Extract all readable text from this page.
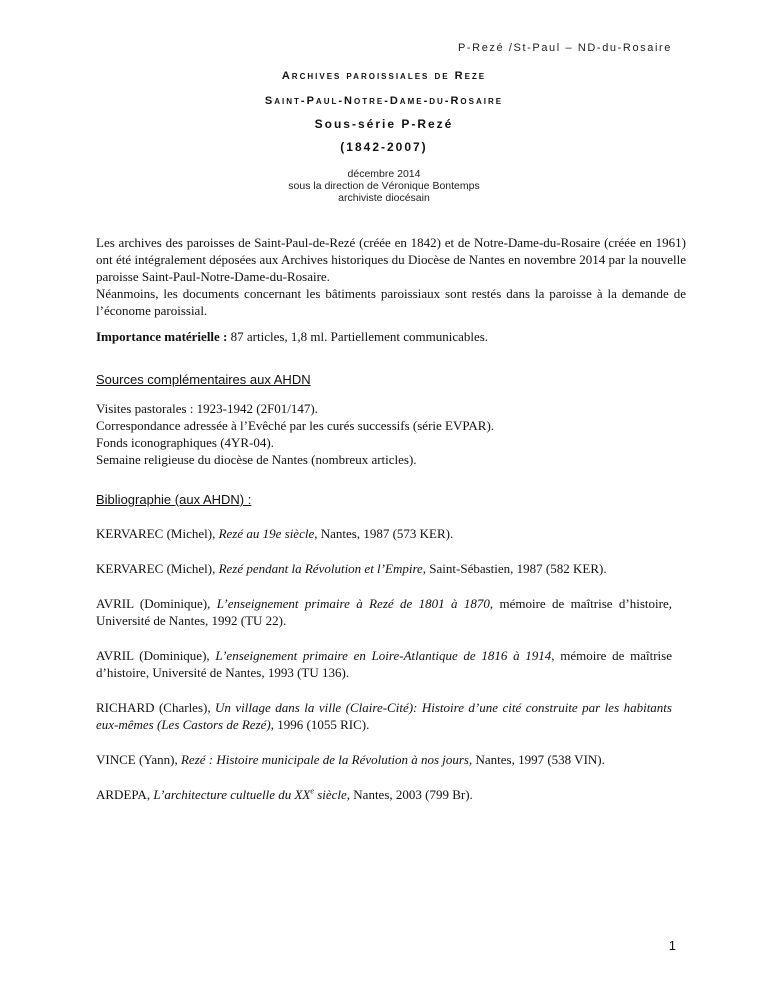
P-Rezé /St-Paul – ND-du-Rosaire
Archives paroissiales de Reze
Saint-Paul-Notre-Dame-du-Rosaire
Sous-série P-Rezé
(1842-2007)
décembre 2014
sous la direction de Véronique Bontemps
archiviste diocésain
Les archives des paroisses de Saint-Paul-de-Rezé (créée en 1842) et de Notre-Dame-du-Rosaire (créée en 1961) ont été intégralement déposées aux Archives historiques du Diocèse de Nantes en novembre 2014 par la nouvelle paroisse Saint-Paul-Notre-Dame-du-Rosaire.
Néanmoins, les documents concernant les bâtiments paroissiaux sont restés dans la paroisse à la demande de l’économe paroissial.
Importance matérielle : 87 articles, 1,8 ml. Partiellement communicables.
Sources complémentaires aux AHDN
Visites pastorales : 1923-1942 (2F01/147).
Correspondance adressée à l’Evêché par les curés successifs (série EVPAR).
Fonds iconographiques (4YR-04).
Semaine religieuse du diocèse de Nantes (nombreux articles).
Bibliographie (aux AHDN) :
KERVAREC (Michel), Rezé au 19e siècle, Nantes, 1987 (573 KER).
KERVAREC (Michel), Rezé pendant la Révolution et l’Empire, Saint-Sébastien, 1987 (582 KER).
AVRIL (Dominique), L’enseignement primaire à Rezé de 1801 à 1870, mémoire de maîtrise d’histoire, Université de Nantes, 1992 (TU 22).
AVRIL (Dominique), L’enseignement primaire en Loire-Atlantique de 1816 à 1914, mémoire de maîtrise d’histoire, Université de Nantes, 1993 (TU 136).
RICHARD (Charles), Un village dans la ville (Claire-Cité): Histoire d’une cité construite par les habitants eux-mêmes (Les Castors de Rezé), 1996 (1055 RIC).
VINCE (Yann), Rezé : Histoire municipale de la Révolution à nos jours, Nantes, 1997 (538 VIN).
ARDEPA, L’architecture cultuelle du XXe siècle, Nantes, 2003 (799 Br).
1
